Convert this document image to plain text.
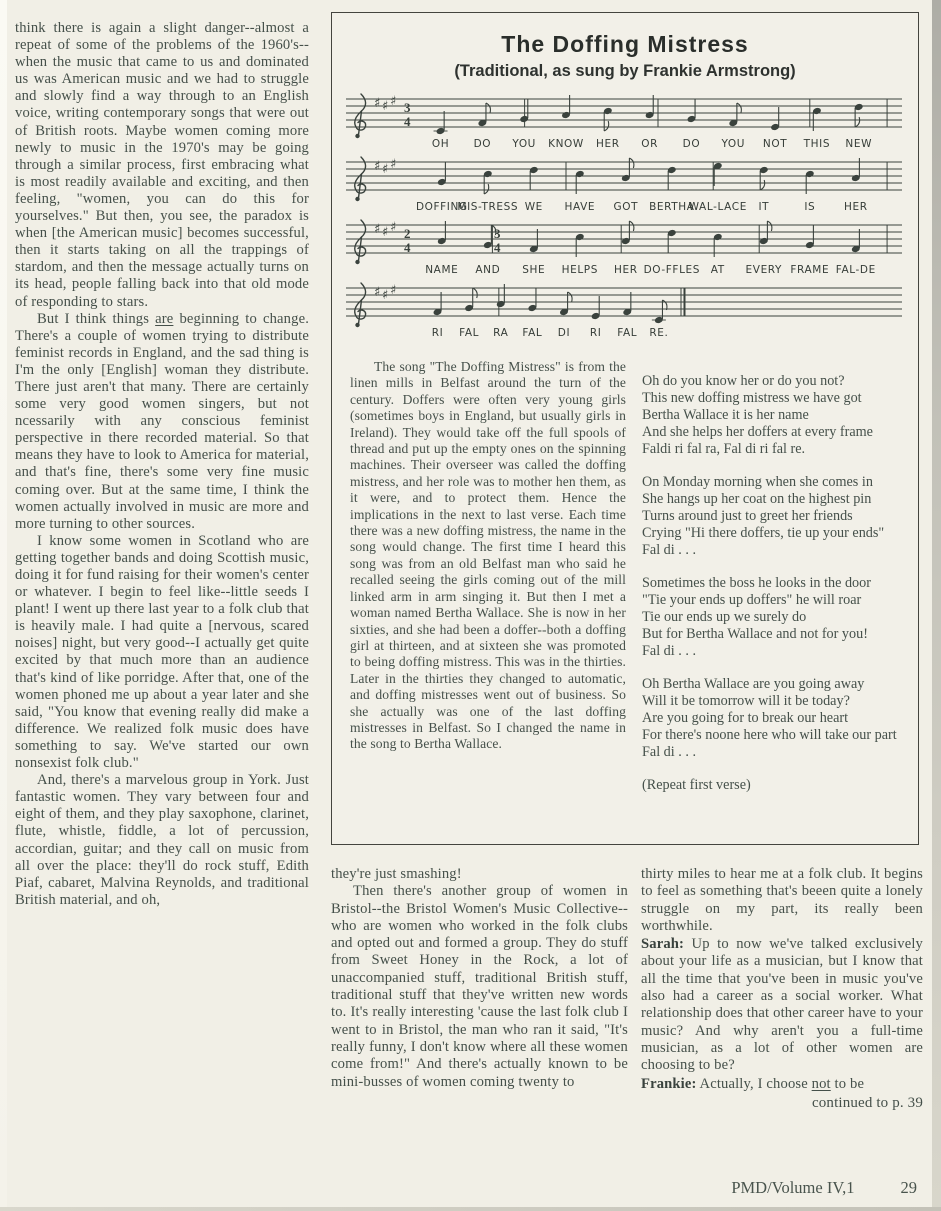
think there is again a slight danger--almost a repeat of some of the problems of the 1960's--when the music that came to us and dominated us was American music and we had to struggle and slowly find a way through to an English voice, writing contemporary songs that were out of British roots. Maybe women coming more newly to music in the 1970's may be going through a similar process, first embracing what is most readily available and exciting, and then feeling, "women, you can do this for yourselves." But then, you see, the paradox is when [the American music] becomes successful, then it starts taking on all the trappings of stardom, and then the message actually turns on its head, people falling back into that old mode of responding to stars.

But I think things are beginning to change. There's a couple of women trying to distribute feminist records in England, and the sad thing is I'm the only [English] woman they distribute. There just aren't that many. There are certainly some very good women singers, but not ncessarily with any conscious feminist perspective in there recorded material. So that means they have to look to America for material, and that's fine, there's some very fine music coming over. But at the same time, I think the women actually involved in music are more and more turning to other sources.

I know some women in Scotland who are getting together bands and doing Scottish music, doing it for fund raising for their women's center or whatever. I begin to feel like--little seeds I plant! I went up there last year to a folk club that is heavily male. I had quite a [nervous, scared noises] night, but very good--I actually get quite excited by that much more than an audience that's kind of like porridge. After that, one of the women phoned me up about a year later and she said, "You know that evening really did make a difference. We realized folk music does have something to say. We've started our own nonsexist folk club."

And, there's a marvelous group in York. Just fantastic women. They vary between four and eight of them, and they play saxophone, clarinet, flute, whistle, fiddle, a lot of percussion, accordian, guitar; and they call on music from all over the place: they'll do rock stuff, Edith Piaf, cabaret, Malvina Reynolds, and traditional British material, and oh,

The Doffing Mistress
(Traditional, as sung by Frankie Armstrong)
♯ ♯ ♯ 3
4
OH DO YOU KNOW HER OR DO YOU NOT THIS NEW
♯ ♯ ♯
DOFFING
MIS-TRESS WE HAVE GOT BERTHA
WAL-LACE IT	IS	HER
♯ ♯ ♯ 2
4
3
4
NAME AND SHE HELPS HER DO-FFLES AT EVERY FRAME FAL-DE
♯ ♯ ♯
RI FAL RA FAL DI RI FAL RE.

The song "The Doffing Mistress" is from the linen mills in Belfast around the turn of the century. Doffers were often very young girls (sometimes boys in England, but usually girls in Ireland). They would take off the full spools of thread and put up the empty ones on the spinning machines. Their overseer was called the doffing mistress, and her role was to mother hen them, as it were, and to protect them. Hence the implications in the next to last verse. Each time there was a new doffing mistress, the name in the song would change. The first time I heard this song was from an old Belfast man who said he recalled seeing the girls coming out of the mill linked arm in arm singing it. But then I met a woman named Bertha Wallace. She is now in her sixties, and she had been a doffer--both a doffing girl at thirteen, and at sixteen she was promoted to being doffing mistress. This was in the thirties. Later in the thirties they changed to automatic, and doffing mistresses went out of business. So she actually was one of the last doffing mistresses in Belfast. So I changed the name in the song to Bertha Wallace.

Oh do you know her or do you not?
This new doffing mistress we have got
Bertha Wallace it is her name
And she helps her doffers at every frame
Faldi ri fal ra, Fal di ri fal re.
On Monday morning when she comes in
She hangs up her coat on the highest pin
Turns around just to greet her friends
Crying "Hi there doffers, tie up your ends"
Fal di . . .
Sometimes the boss he looks in the door
"Tie your ends up doffers" he will roar
Tie our ends up we surely do
But for Bertha Wallace and not for you!
Fal di . . .
Oh Bertha Wallace are you going away
Will it be tomorrow will it be today?
Are you going for to break our heart
For there's noone here who will take our part
Fal di . . .
(Repeat first verse)

they're just smashing!

Then there's another group of women in Bristol--the Bristol Women's Music Collective--who are women who worked in the folk clubs and opted out and formed a group. They do stuff from Sweet Honey in the Rock, a lot of unaccompanied stuff, traditional British stuff, traditional stuff that they've written new words to. It's really interesting 'cause the last folk club I went to in Bristol, the man who ran it said, "It's really funny, I don't know where all these women come from!" And there's actually known to be mini-busses of women coming twenty to

thirty miles to hear me at a folk club. It begins to feel as something that's beeen quite a lonely struggle on my part, its really been worthwhile.

Sarah: Up to now we've talked exclusively about your life as a musician, but I know that all the time that you've been in music you've also had a career as a social worker. What relationship does that other career have to your music? And why aren't you a full-time musician, as a lot of other women are choosing to be?

Frankie: Actually, I choose not to be

continued to p. 39
PMD/Volume IV,1	29
